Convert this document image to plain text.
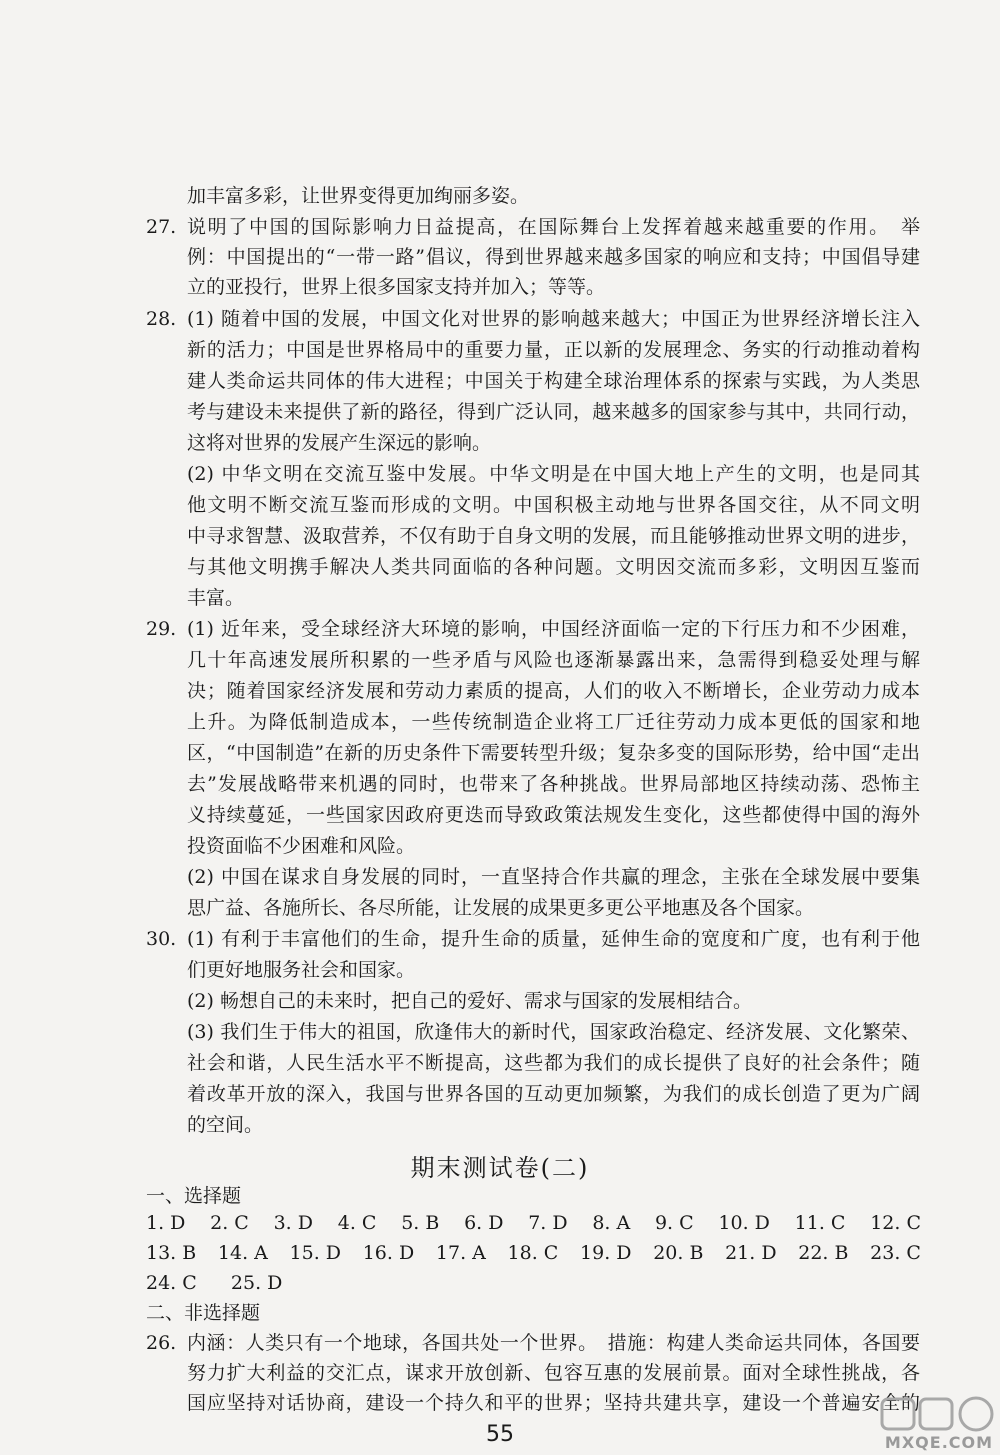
加丰富多彩，让世界变得更加绚丽多姿。
27. 说明了中国的国际影响力日益提高，在国际舞台上发挥着越来越重要的作用。　举
例：中国提出的“一带一路”倡议，得到世界越来越多国家的响应和支持；中国倡导建
立的亚投行，世界上很多国家支持并加入；等等。
28. (1) 随着中国的发展，中国文化对世界的影响越来越大；中国正为世界经济增长注入
新的活力；中国是世界格局中的重要力量，正以新的发展理念、务实的行动推动着构
建人类命运共同体的伟大进程；中国关于构建全球治理体系的探索与实践，为人类思
考与建设未来提供了新的路径，得到广泛认同，越来越多的国家参与其中，共同行动，
这将对世界的发展产生深远的影响。
(2) 中华文明在交流互鉴中发展。中华文明是在中国大地上产生的文明，也是同其
他文明不断交流互鉴而形成的文明。中国积极主动地与世界各国交往，从不同文明
中寻求智慧、汲取营养，不仅有助于自身文明的发展，而且能够推动世界文明的进步，
与其他文明携手解决人类共同面临的各种问题。文明因交流而多彩，文明因互鉴而
丰富。
29. (1) 近年来，受全球经济大环境的影响，中国经济面临一定的下行压力和不少困难，
几十年高速发展所积累的一些矛盾与风险也逐渐暴露出来，急需得到稳妥处理与解
决；随着国家经济发展和劳动力素质的提高，人们的收入不断增长，企业劳动力成本
上升。为降低制造成本，一些传统制造企业将工厂迁往劳动力成本更低的国家和地
区，“中国制造”在新的历史条件下需要转型升级；复杂多变的国际形势，给中国“走出
去”发展战略带来机遇的同时，也带来了各种挑战。世界局部地区持续动荡、恐怖主
义持续蔓延，一些国家因政府更迭而导致政策法规发生变化，这些都使得中国的海外
投资面临不少困难和风险。
(2) 中国在谋求自身发展的同时，一直坚持合作共赢的理念，主张在全球发展中要集
思广益、各施所长、各尽所能，让发展的成果更多更公平地惠及各个国家。
30. (1) 有利于丰富他们的生命，提升生命的质量，延伸生命的宽度和广度，也有利于他
们更好地服务社会和国家。
(2) 畅想自己的未来时，把自己的爱好、需求与国家的发展相结合。
(3) 我们生于伟大的祖国，欣逢伟大的新时代，国家政治稳定、经济发展、文化繁荣、
社会和谐，人民生活水平不断提高，这些都为我们的成长提供了良好的社会条件；随
着改革开放的深入，我国与世界各国的互动更加频繁，为我们的成长创造了更为广阔
的空间。
期末测试卷(二)
一、选择题
1. D 2. C 3. D 4. C 5. B 6. D 7. D 8. A 9. C 10. D 11. C 12. C
13. B 14. A 15. D 16. D 17. A 18. C 19. D 20. B 21. D 22. B 23. C
24. C 25. D
二、非选择题
26. 内涵：人类只有一个地球，各国共处一个世界。　措施：构建人类命运共同体，各国要
努力扩大利益的交汇点，谋求开放创新、包容互惠的发展前景。面对全球性挑战，各
国应坚持对话协商，建设一个持久和平的世界；坚持共建共享，建设一个普遍安全的
55	MXQE.COM
